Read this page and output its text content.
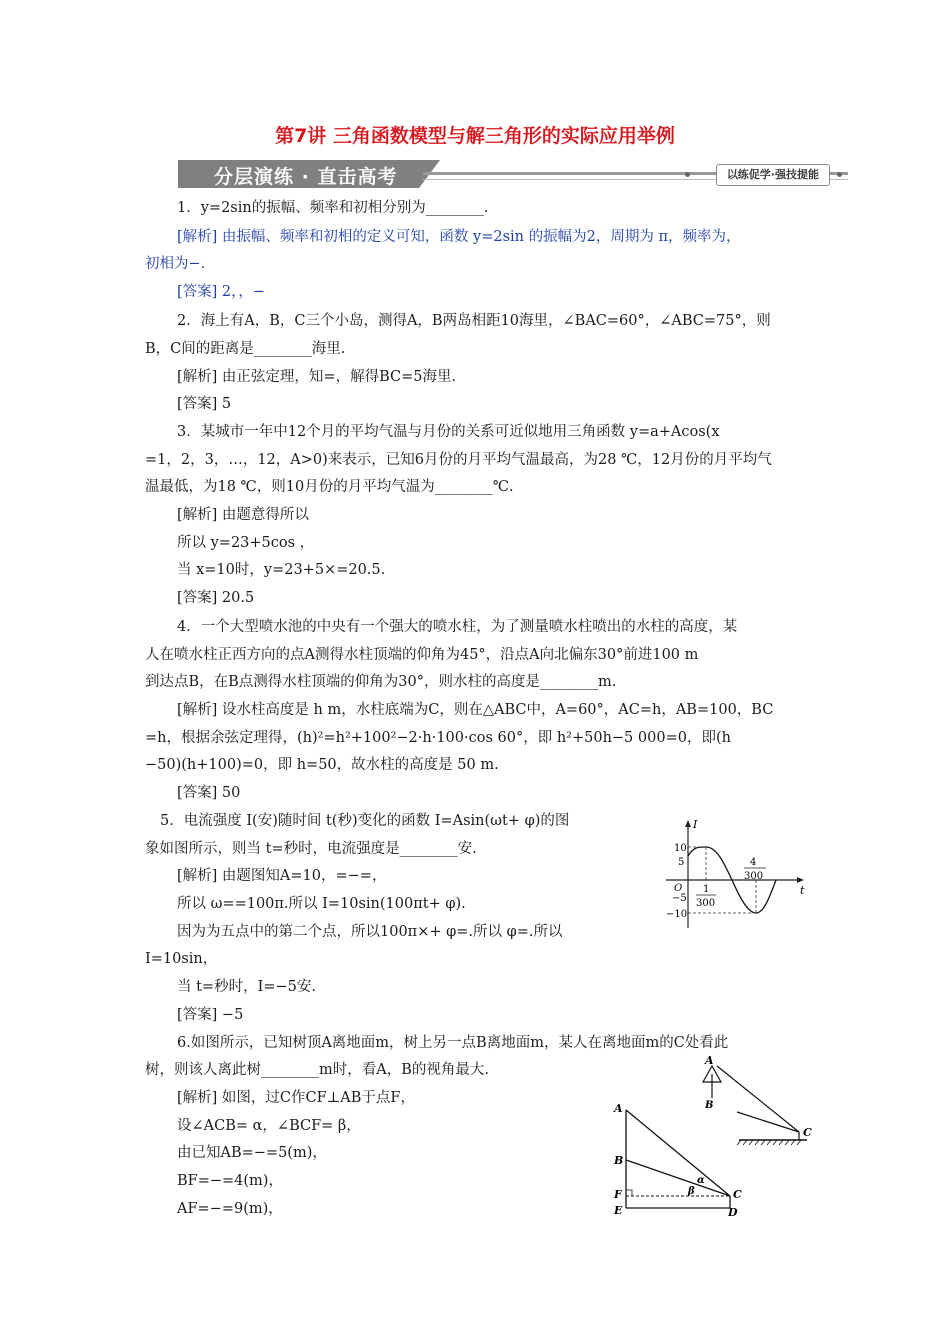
第7讲 三角函数模型与解三角形的实际应用举例
分层演练 · 直击高考	以练促学·强技提能
1．y=2sin的振幅、频率和初相分别为________.
[解析] 由振幅、频率和初相的定义可知，函数 y=2sin 的振幅为2，周期为 π，频率为，
初相为−.
[答案] 2，，−
2．海上有A，B，C三个小岛，测得A，B两岛相距10海里，∠BAC=60°，∠ABC=75°，则
B，C间的距离是________海里.
[解析] 由正弦定理，知=，解得BC=5海里.
[答案] 5
3．某城市一年中12个月的平均气温与月份的关系可近似地用三角函数 y=a+Acos(x
=1，2，3，…，12，A>0)来表示，已知6月份的月平均气温最高，为28 ℃，12月份的月平均气
温最低，为18 ℃，则10月份的月平均气温为________℃.
[解析] 由题意得所以
所以 y=23+5cos ，
当 x=10时，y=23+5×=20.5.
[答案] 20.5
4．一个大型喷水池的中央有一个强大的喷水柱，为了测量喷水柱喷出的水柱的高度，某
人在喷水柱正西方向的点A测得水柱顶端的仰角为45°，沿点A向北偏东30°前进100 m
到达点B，在B点测得水柱顶端的仰角为30°，则水柱的高度是________m.
[解析] 设水柱高度是 h m，水柱底端为C，则在△ABC中，A=60°，AC=h，AB=100，BC
=h，根据余弦定理得，(h)²=h²+100²−2·h·100·cos 60°，即 h²+50h−5 000=0，即(h
−50)(h+100)=0，即 h=50，故水柱的高度是 50 m.
[答案] 50
5．电流强度 I(安)随时间 t(秒)变化的函数 I=Asin(ωt+ φ)的图
象如图所示，则当 t=秒时，电流强度是________安.
[解析] 由题图知A=10，=−=，
所以 ω==100π.所以 I=10sin(100πt+ φ).
因为为五点中的第二个点，所以100π×+ φ=.所以 φ=.所以
I=10sin，
当 t=秒时，I=−5安.
[答案] −5
6.如图所示，已知树顶A离地面m，树上另一点B离地面m，某人在离地面m的C处看此
树，则该人离此树________m时，看A，B的视角最大.
[解析] 如图，过C作CF⊥AB于点F，
设∠ACB= α，∠BCF= β，
由已知AB=−=5(m)，
BF=−=4(m)，
AF=−=9(m)，
I
t
O
10
5
−5
−10
1
300
4
300
A
B
C
A
B
F
E
C
D
α
β
